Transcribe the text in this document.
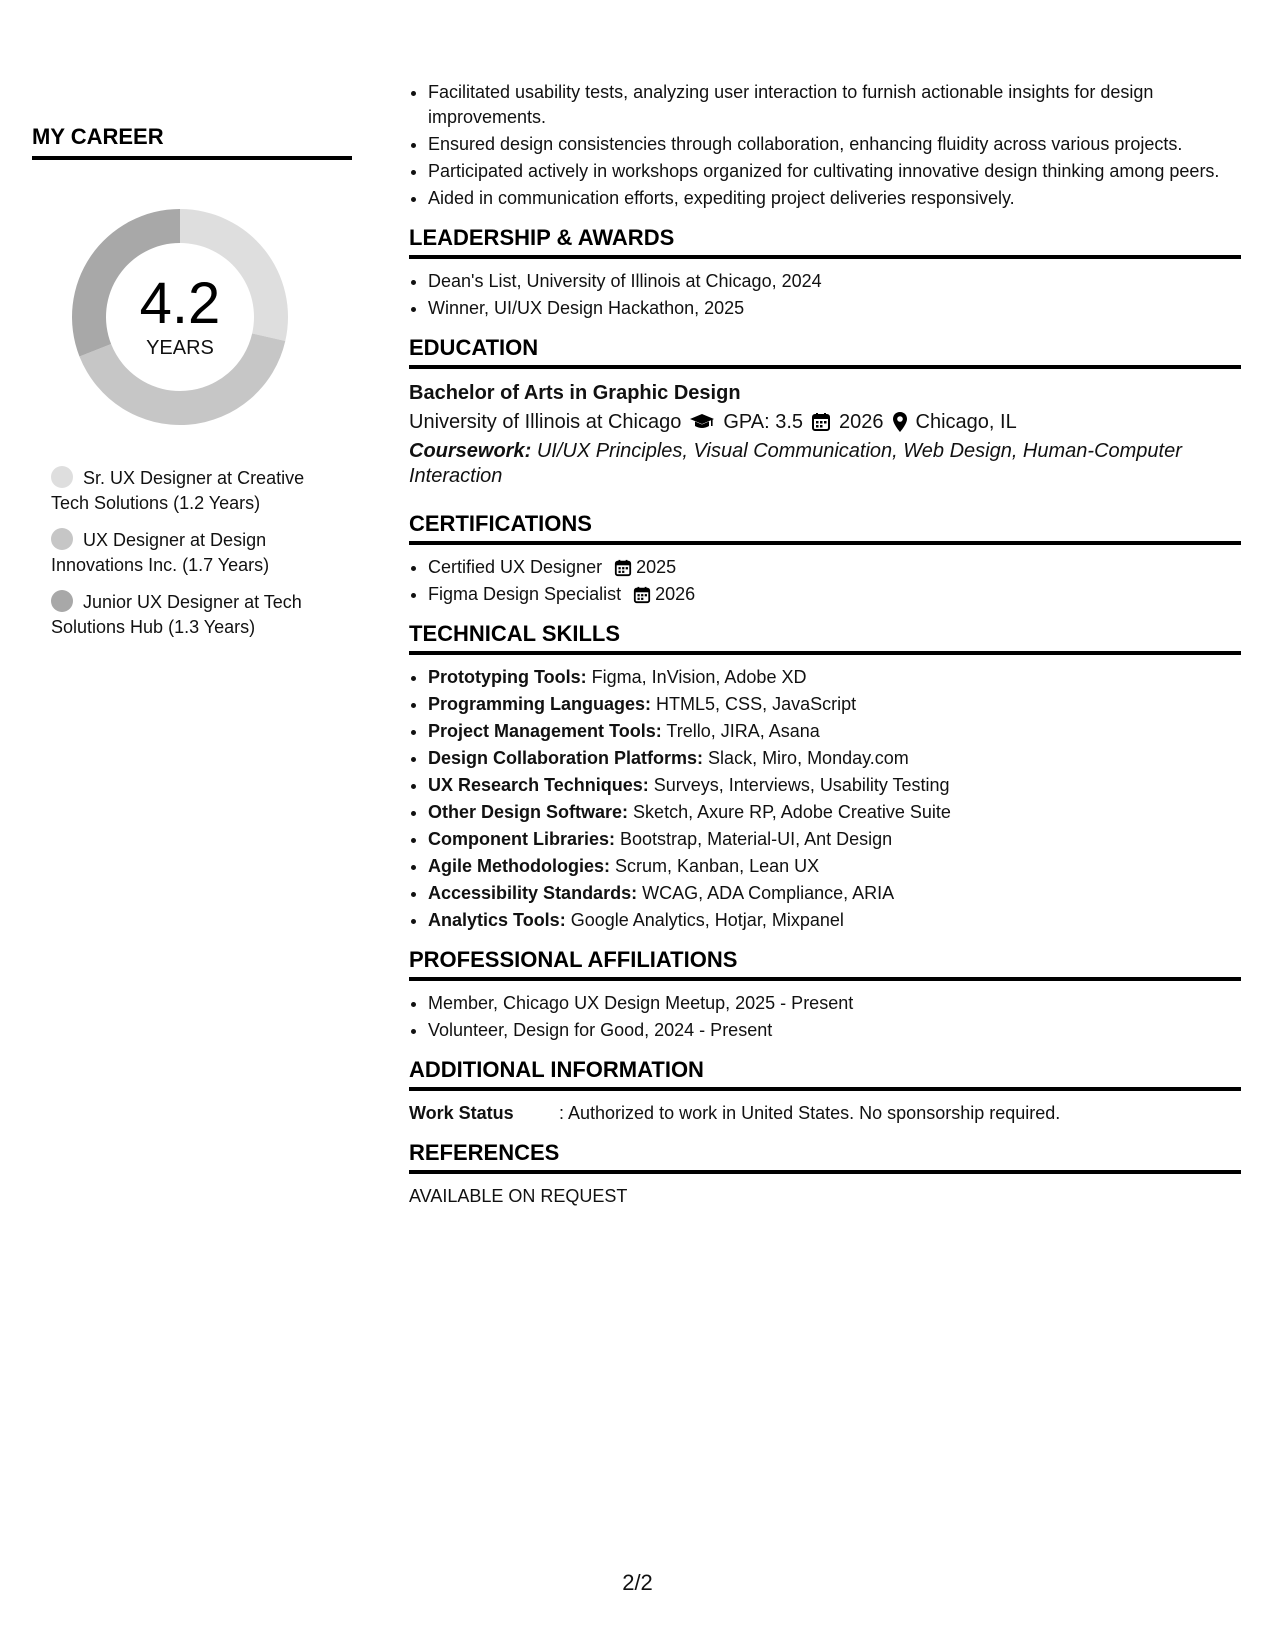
MY CAREER
4.2
YEARS
Sr. UX Designer at Creative Tech Solutions (1.2 Years)
UX Designer at Design Innovations Inc. (1.7 Years)
Junior UX Designer at Tech Solutions Hub (1.3 Years)
• Facilitated usability tests, analyzing user interaction to furnish actionable insights for design improvements.
• Ensured design consistencies through collaboration, enhancing fluidity across various projects.
• Participated actively in workshops organized for cultivating innovative design thinking among peers.
• Aided in communication efforts, expediting project deliveries responsively.
LEADERSHIP & AWARDS
• Dean's List, University of Illinois at Chicago, 2024
• Winner, UI/UX Design Hackathon, 2025
EDUCATION
Bachelor of Arts in Graphic Design
University of Illinois at Chicago GPA: 3.5 2026 Chicago, IL
Coursework: UI/UX Principles, Visual Communication, Web Design, Human-Computer Interaction
CERTIFICATIONS
• Certified UX Designer 2025
• Figma Design Specialist 2026
TECHNICAL SKILLS
• Prototyping Tools: Figma, InVision, Adobe XD
• Programming Languages: HTML5, CSS, JavaScript
• Project Management Tools: Trello, JIRA, Asana
• Design Collaboration Platforms: Slack, Miro, Monday.com
• UX Research Techniques: Surveys, Interviews, Usability Testing
• Other Design Software: Sketch, Axure RP, Adobe Creative Suite
• Component Libraries: Bootstrap, Material-UI, Ant Design
• Agile Methodologies: Scrum, Kanban, Lean UX
• Accessibility Standards: WCAG, ADA Compliance, ARIA
• Analytics Tools: Google Analytics, Hotjar, Mixpanel
PROFESSIONAL AFFILIATIONS
• Member, Chicago UX Design Meetup, 2025 - Present
• Volunteer, Design for Good, 2024 - Present
ADDITIONAL INFORMATION
Work Status	: Authorized to work in United States. No sponsorship required.
REFERENCES
AVAILABLE ON REQUEST
2/2
